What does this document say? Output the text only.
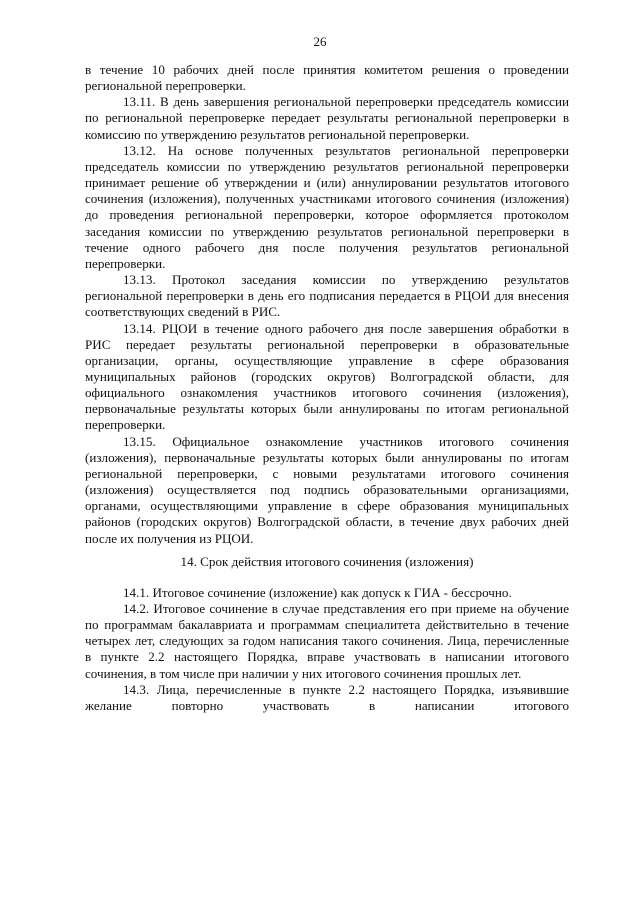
26

в течение 10 рабочих дней после принятия комитетом решения о проведении региональной перепроверки.

13.11. В день завершения региональной перепроверки председатель комиссии по региональной перепроверке передает результаты региональной перепроверки в комиссию по утверждению результатов региональной перепроверки.

13.12. На основе полученных результатов региональной перепроверки председатель комиссии по утверждению результатов региональной перепроверки принимает решение об утверждении и (или) аннулировании результатов итогового сочинения (изложения), полученных участниками итогового сочинения (изложения) до проведения региональной перепроверки, которое оформляется протоколом заседания комиссии по утверждению результатов региональной перепроверки в течение одного рабочего дня после получения результатов региональной перепроверки.

13.13. Протокол заседания комиссии по утверждению результатов региональной перепроверки в день его подписания передается в РЦОИ для внесения соответствующих сведений в РИС.

13.14. РЦОИ в течение одного рабочего дня после завершения обработки в РИС передает результаты региональной перепроверки в образовательные организации, органы, осуществляющие управление в сфере образования муниципальных районов (городских округов) Волгоградской области, для официального ознакомления участников итогового сочинения (изложения), первоначальные результаты которых были аннулированы по итогам региональной перепроверки.

13.15. Официальное ознакомление участников итогового сочинения (изложения), первоначальные результаты которых были аннулированы по итогам региональной перепроверки, с новыми результатами итогового сочинения (изложения) осуществляется под подпись образовательными организациями, органами, осуществляющими управление в сфере образования муниципальных районов (городских округов) Волгоградской области, в течение двух рабочих дней после их получения из РЦОИ.

14. Срок действия итогового сочинения (изложения)

14.1. Итоговое сочинение (изложение) как допуск к ГИА - бессрочно.

14.2. Итоговое сочинение в случае представления его при приеме на обучение по программам бакалавриата и программам специалитета действительно в течение четырех лет, следующих за годом написания такого сочинения. Лица, перечисленные в пункте 2.2 настоящего Порядка, вправе участвовать в написании итогового сочинения, в том числе при наличии у них итогового сочинения прошлых лет.

14.3. Лица, перечисленные в пункте 2.2 настоящего Порядка, изъявившие желание повторно участвовать в написании итогового
